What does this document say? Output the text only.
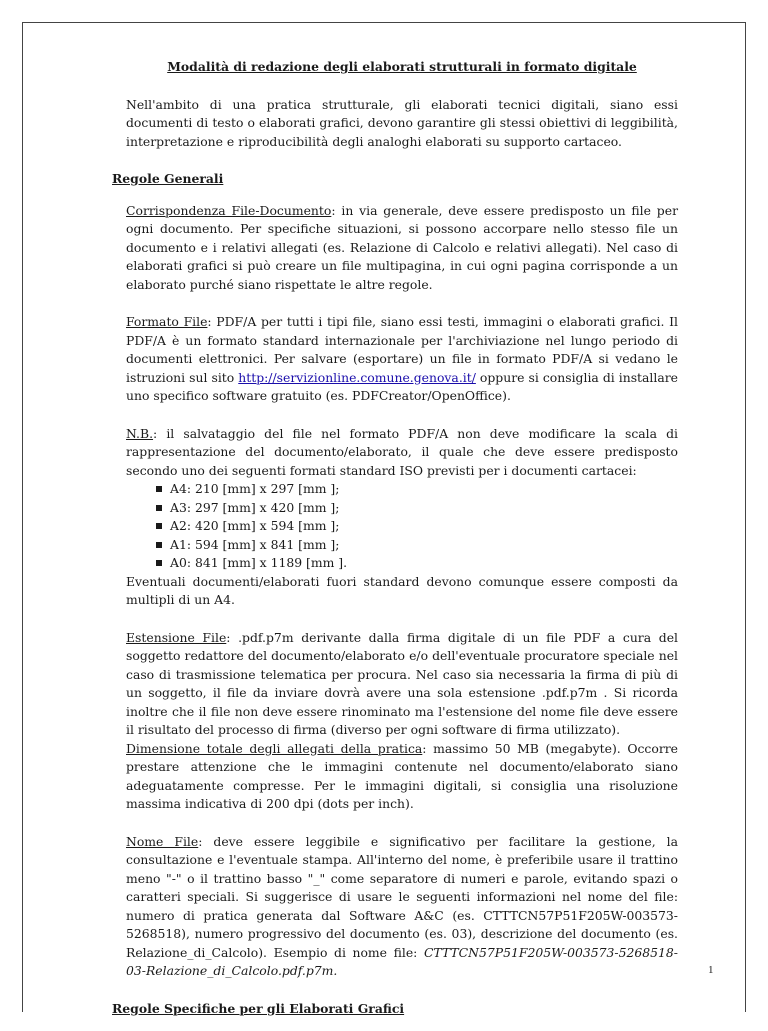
Modalità di redazione degli elaborati strutturali in formato digitale

Nell'ambito di una pratica strutturale, gli elaborati tecnici digitali, siano essi documenti di testo o elaborati grafici, devono garantire gli stessi obiettivi di leggibilità, interpretazione e riproducibilità degli analoghi elaborati su supporto cartaceo.

Regole Generali

Corrispondenza File-Documento: in via generale, deve essere predisposto un file per ogni documento. Per specifiche situazioni, si possono accorpare nello stesso file un documento e i relativi allegati (es. Relazione di Calcolo e relativi allegati). Nel caso di elaborati grafici si può creare un file multipagina, in cui ogni pagina corrisponde a un elaborato purché siano rispettate le altre regole.

Formato File: PDF/A per tutti i tipi file, siano essi testi, immagini o elaborati grafici. Il PDF/A è un formato standard internazionale per l'archiviazione nel lungo periodo di documenti elettronici. Per salvare (esportare) un file in formato PDF/A si vedano le istruzioni sul sito http://servizionline.comune.genova.it/ oppure si consiglia di installare uno specifico software gratuito (es. PDFCreator/OpenOffice).

N.B.: il salvataggio del file nel formato PDF/A non deve modificare la scala di rappresentazione del documento/elaborato, il quale che deve essere predisposto secondo uno dei seguenti formati standard ISO previsti per i documenti cartacei:
A4: 210 [mm] x 297 [mm ];
A3: 297 [mm] x 420 [mm ];
A2: 420 [mm] x 594 [mm ];
A1: 594 [mm] x 841 [mm ];
A0: 841 [mm] x 1189 [mm ].
Eventuali documenti/elaborati fuori standard devono comunque essere composti da multipli di un A4.

Estensione File: .pdf.p7m derivante dalla firma digitale di un file PDF a cura del soggetto redattore del documento/elaborato e/o dell'eventuale procuratore speciale nel caso di trasmissione telematica per procura. Nel caso sia necessaria la firma di più di un soggetto, il file da inviare dovrà avere una sola estensione .pdf.p7m . Si ricorda inoltre che il file non deve essere rinominato ma l'estensione del nome file deve essere il risultato del processo di firma (diverso per ogni software di firma utilizzato).

Dimensione totale degli allegati della pratica: massimo 50 MB (megabyte). Occorre prestare attenzione che le immagini contenute nel documento/elaborato siano adeguatamente compresse. Per le immagini digitali, si consiglia una risoluzione massima indicativa di 200 dpi (dots per inch).

Nome File: deve essere leggibile e significativo per facilitare la gestione, la consultazione e l'eventuale stampa. All'interno del nome, è preferibile usare il trattino meno "-" o il trattino basso "_" come separatore di numeri e parole, evitando spazi o caratteri speciali. Si suggerisce di usare le seguenti informazioni nel nome del file: numero di pratica generata dal Software A&C (es. CTTTCN57P51F205W-003573-5268518), numero progressivo del documento (es. 03), descrizione del documento (es. Relazione_di_Calcolo). Esempio di nome file: CTTTCN57P51F205W-003573-5268518-03-Relazione_di_Calcolo.pdf.p7m.

Regole Specifiche per gli Elaborati Grafici

1
